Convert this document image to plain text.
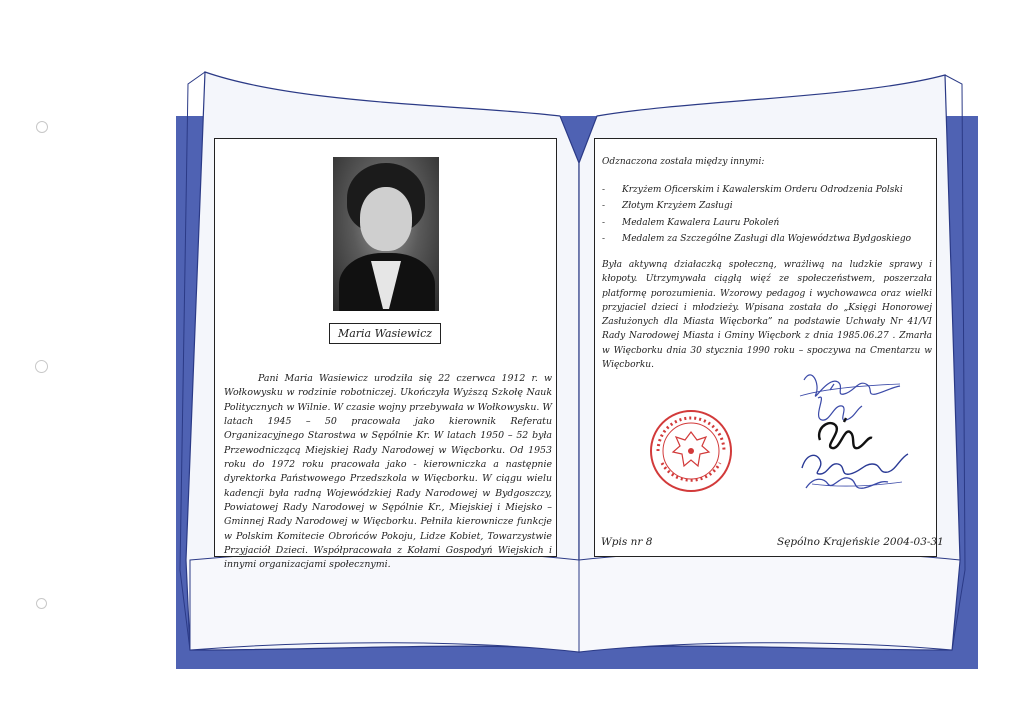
Maria Wasiewicz

Pani Maria Wasiewicz urodziła się 22 czerwca 1912 r. w Wołkowysku w rodzinie robotniczej. Ukończyła Wyższą Szkołę Nauk Politycznych w Wilnie. W czasie wojny przebywała w Wołkowysku. W latach 1945 – 50 pracowała jako kierownik Referatu Organizacyjnego Starostwa w Sępólnie Kr. W latach 1950 – 52 była Przewodniczącą Miejskiej Rady Narodowej w Więcborku. Od 1953 roku do 1972 roku pracowała jako - kierowniczka a następnie dyrektorka Państwowego Przedszkola w Więcborku. W ciągu wielu kadencji była radną Wojewódzkiej Rady Narodowej w Bydgoszczy, Powiatowej Rady Narodowej w Sępólnie Kr., Miejskiej i Miejsko – Gminnej Rady Narodowej w Więcborku. Pełniła kierownicze funkcje w Polskim Komitecie Obrońców Pokoju, Lidze Kobiet, Towarzystwie Przyjaciół Dzieci. Współpracowała z Kołami Gospodyń Wiejskich i innymi organizacjami społecznymi.

Odznaczona została między innymi:

- Krzyżem Oficerskim i Kawalerskim Orderu Odrodzenia Polski
- Złotym Krzyżem Zasługi
- Medalem Kawalera Lauru Pokoleń
- Medalem za Szczególne Zasługi dla Województwa Bydgoskiego

Była aktywną działaczką społeczną, wrażliwą na ludzkie sprawy i kłopoty. Utrzymywała ciągłą więź ze społeczeństwem, poszerzała platformę porozumienia. Wzorowy pedagog i wychowawca oraz wielki przyjaciel dzieci i młodzieży. Wpisana została do „Księgi Honorowej Zasłużonych dla Miasta Więcborka” na podstawie Uchwały Nr 41/VI Rady Narodowej Miasta i Gminy Więcbork z dnia 1985.06.27 . Zmarła w Więcborku dnia 30 stycznia 1990 roku – spoczywa na Cmentarzu w Więcborku.

Wpis nr 8	Sępólno Krajeńskie 2004-03-31
